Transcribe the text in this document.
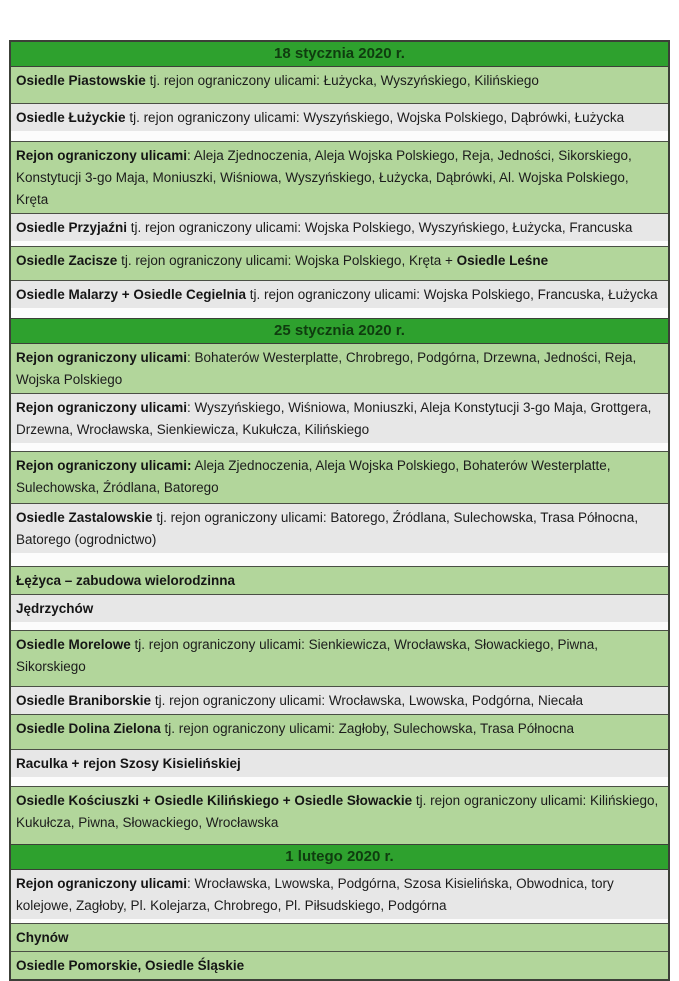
18 stycznia 2020 r.
Osiedle Piastowskie tj. rejon ograniczony ulicami: Łużycka, Wyszyńskiego, Kilińskiego
Osiedle Łużyckie tj. rejon ograniczony ulicami: Wyszyńskiego, Wojska Polskiego, Dąbrówki, Łużycka
Rejon ograniczony ulicami: Aleja Zjednoczenia, Aleja Wojska Polskiego, Reja, Jedności, Sikorskiego, Konstytucji 3-go Maja, Moniuszki, Wiśniowa, Wyszyńskiego, Łużycka, Dąbrówki, Al. Wojska Polskiego, Kręta
Osiedle Przyjaźni tj. rejon ograniczony ulicami: Wojska Polskiego, Wyszyńskiego, Łużycka, Francuska
Osiedle Zacisze tj. rejon ograniczony ulicami: Wojska Polskiego, Kręta + Osiedle Leśne
Osiedle Malarzy + Osiedle Cegielnia tj. rejon ograniczony ulicami: Wojska Polskiego, Francuska, Łużycka
25 stycznia 2020 r.
Rejon ograniczony ulicami: Bohaterów Westerplatte, Chrobrego, Podgórna, Drzewna, Jedności, Reja, Wojska Polskiego
Rejon ograniczony ulicami: Wyszyńskiego, Wiśniowa, Moniuszki, Aleja Konstytucji 3-go Maja, Grottgera, Drzewna, Wrocławska, Sienkiewicza, Kukułcza, Kilińskiego
Rejon ograniczony ulicami: Aleja Zjednoczenia, Aleja Wojska Polskiego, Bohaterów Westerplatte, Sulechowska, Źródlana, Batorego
Osiedle Zastalowskie tj. rejon ograniczony ulicami: Batorego, Źródlana, Sulechowska, Trasa Północna, Batorego (ogrodnictwo)
Łężyca – zabudowa wielorodzinna
Jędrzychów
Osiedle Morelowe tj. rejon ograniczony ulicami: Sienkiewicza, Wrocławska, Słowackiego, Piwna, Sikorskiego
Osiedle Braniborskie tj. rejon ograniczony ulicami: Wrocławska, Lwowska, Podgórna, Niecała
Osiedle Dolina Zielona tj. rejon ograniczony ulicami: Zagłoby, Sulechowska, Trasa Północna
Raculka + rejon Szosy Kisielińskiej
Osiedle Kościuszki + Osiedle Kilińskiego + Osiedle Słowackie tj. rejon ograniczony ulicami: Kilińskiego, Kukułcza, Piwna, Słowackiego, Wrocławska
1 lutego 2020 r.
Rejon ograniczony ulicami: Wrocławska, Lwowska, Podgórna, Szosa Kisielińska, Obwodnica, tory kolejowe, Zagłoby, Pl. Kolejarza, Chrobrego, Pl. Piłsudskiego, Podgórna
Chynów
Osiedle Pomorskie, Osiedle Śląskie
